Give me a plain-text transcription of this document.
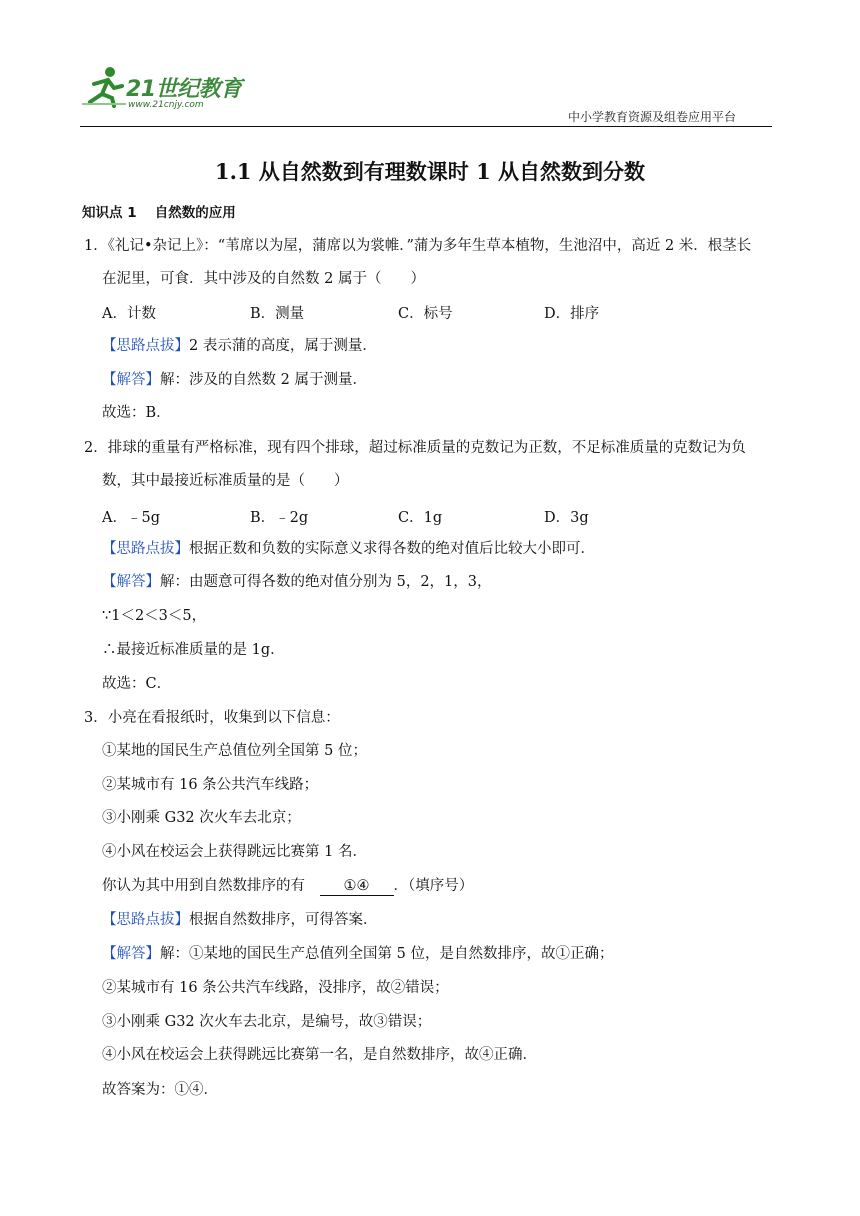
21世纪教育
www.21cnjy.com
中小学教育资源及组卷应用平台
1.1 从自然数到有理数课时 1 从自然数到分数
知识点 1　 自然数的应用
1．《礼记•杂记上》：“苇席以为屋，蒲席以为裳帷．”蒲为多年生草本植物，生池沼中，高近 2 米．根茎长
在泥里，可食．其中涉及的自然数 2 属于（　　）
A．计数	B．测量	C．标号	D．排序
【思路点拔】2 表示蒲的高度，属于测量．
【解答】解：涉及的自然数 2 属于测量．
故选：B．
2．排球的重量有严格标准，现有四个排球，超过标准质量的克数记为正数，不足标准质量的克数记为负
数，其中最接近标准质量的是（　　）
A．﹣5g	B．﹣2g	C．1g	D．3g
【思路点拔】根据正数和负数的实际意义求得各数的绝对值后比较大小即可．
【解答】解：由题意可得各数的绝对值分别为 5，2，1，3，
∵1＜2＜3＜5，
∴最接近标准质量的是 1g．
故选：C．
3．小亮在看报纸时，收集到以下信息：
①某地的国民生产总值位列全国第 5 位；
②某城市有 16 条公共汽车线路；
③小刚乘 G32 次火车去北京；
④小风在校运会上获得跳远比赛第 1 名．
你认为其中用到自然数排序的有　	①④ ．（填序号）
【思路点拔】根据自然数排序，可得答案．
【解答】解：①某地的国民生产总值列全国第 5 位，是自然数排序，故①正确；
②某城市有 16 条公共汽车线路，没排序，故②错误；
③小刚乘 G32 次火车去北京，是编号，故③错误；
④小风在校运会上获得跳远比赛第一名，是自然数排序，故④正确．
故答案为：①④．
